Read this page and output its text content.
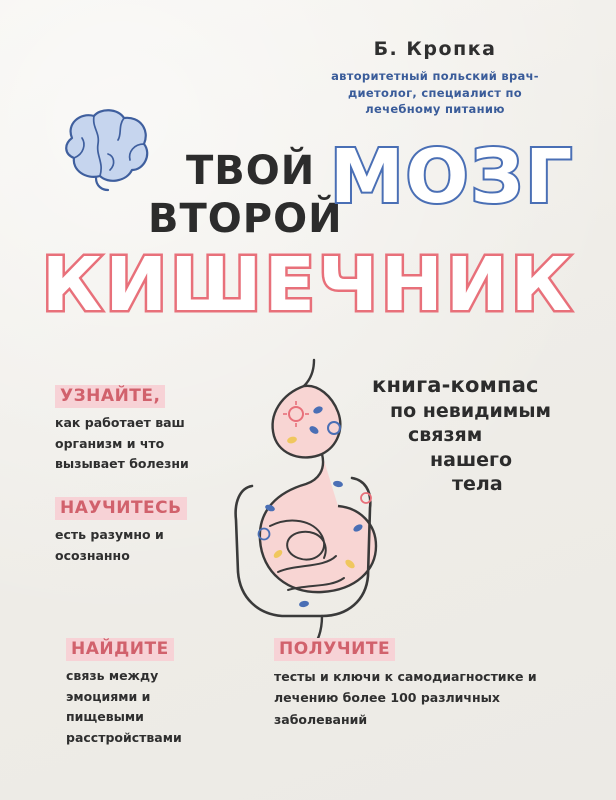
Б. Кропка
авторитетный польский врач-диетолог, специалист по лечебному питанию
ТВОЙ
ВТОРОЙ
МОЗГ
КИШЕЧНИК
УЗНАЙТЕ,
как работает ваш организм и что вызывает болезни
НАУЧИТЕСЬ
есть разумно и осознанно
книга-компас
по невидимым
связям
нашего
тела
НАЙДИТЕ
связь между эмоциями и пищевыми расстройствами
ПОЛУЧИТЕ
тесты и ключи к самодиагностике и лечению более 100 различных заболеваний
